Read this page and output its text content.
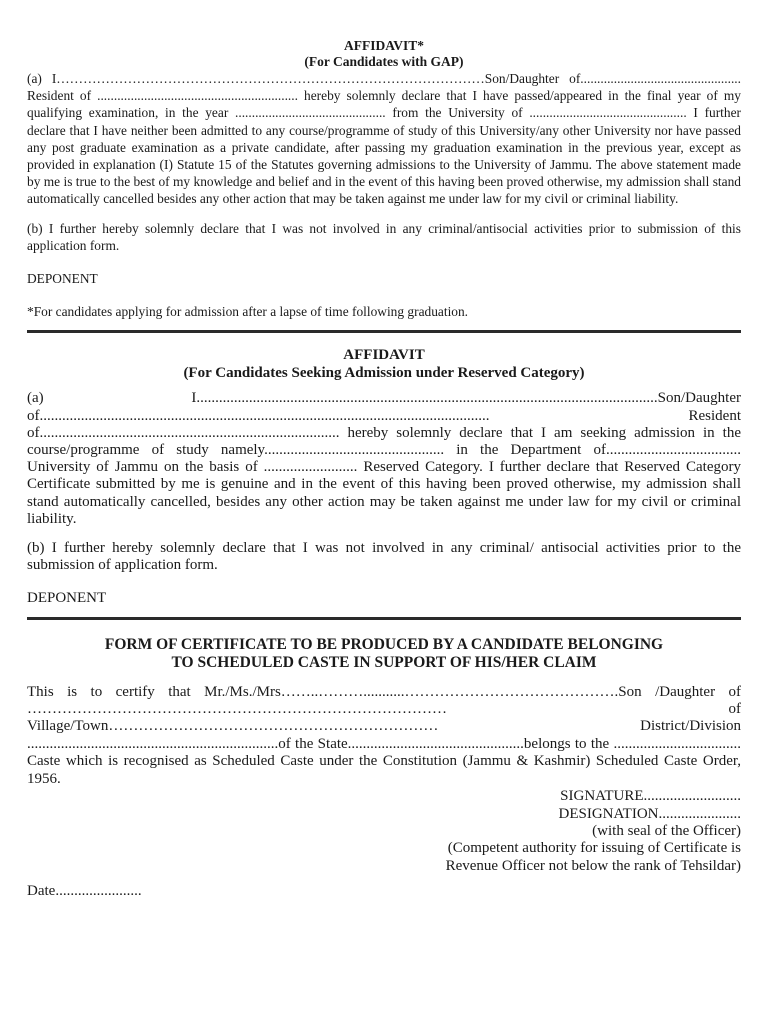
AFFIDAVIT*
(For Candidates with GAP)

(a) I……………………………………………………………………………………Son/Daughter of................................................ Resident of ............................................................ hereby solemnly declare that I have passed/appeared in the final year of my qualifying examination, in the year ............................................. from the University of ............................................... I further declare that I have neither been admitted to any course/programme of study of this University/any other University nor have passed any post graduate examination as a private candidate, after passing my graduation examination in the previous year, except as provided in explanation (I) Statute 15 of the Statutes governing admissions to the University of Jammu. The above statement made by me is true to the best of my knowledge and belief and in the event of this having been proved otherwise, my admission shall stand automatically cancelled besides any other action that may be taken against me under law for my civil or criminal liability.

(b) I further hereby solemnly declare that I was not involved in any criminal/antisocial activities prior to submission of this application form.

DEPONENT

*For candidates applying for admission after a lapse of time following graduation.

AFFIDAVIT
(For Candidates Seeking Admission under Reserved Category)

(a) I...........................................................................................................................Son/Daughter of........................................................................................................................ Resident of................................................................................ hereby solemnly declare that I am seeking admission in the course/programme of study namely................................................ in the Department of.................................... University of Jammu on the basis of ......................... Reserved Category. I further declare that Reserved Category Certificate submitted by me is genuine and in the event of this having been proved otherwise, my admission shall stand automatically cancelled, besides any other action may be taken against me under law for my civil or criminal liability.

(b) I further hereby solemnly declare that I was not involved in any criminal/ antisocial activities prior to the submission of application form.

DEPONENT

FORM OF CERTIFICATE TO BE PRODUCED BY A CANDIDATE BELONGING
TO SCHEDULED CASTE IN SUPPORT OF HIS/HER CLAIM

This is to certify that Mr./Ms./Mrs……..………...........…………………………………….Son /Daughter of ………………………………………………………………………… of Village/Town………………………………………………………… District/Division ...................................................................of the State...............................................belongs to the .................................. Caste which is recognised as Scheduled Caste under the Constitution (Jammu & Kashmir) Scheduled Caste Order, 1956.

SIGNATURE..........................

DESIGNATION......................

(with seal of the Officer)

(Competent authority for issuing of Certificate is

Revenue Officer not below the rank of Tehsildar)

Date.......................
